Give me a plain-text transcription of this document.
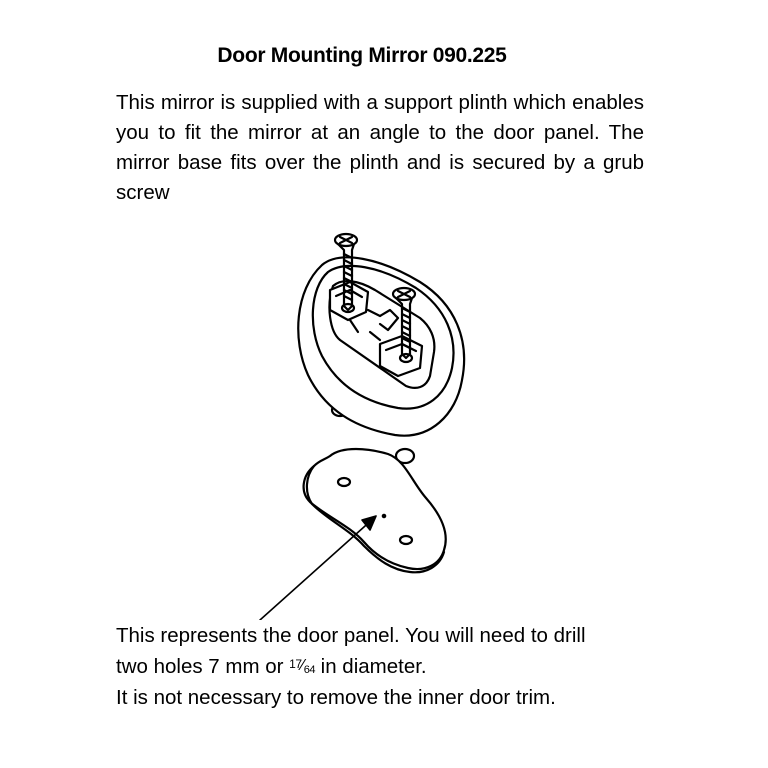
Door Mounting Mirror 090.225
This mirror is supplied with a support plinth which enables you to fit the mirror at an angle to the door panel. The mirror base fits over the plinth and is secured by a grub screw
This represents the door panel. You will need to drill
two holes 7 mm or $^{17⁄64}$ in diameter.
It is not necessary to remove the inner door trim.
